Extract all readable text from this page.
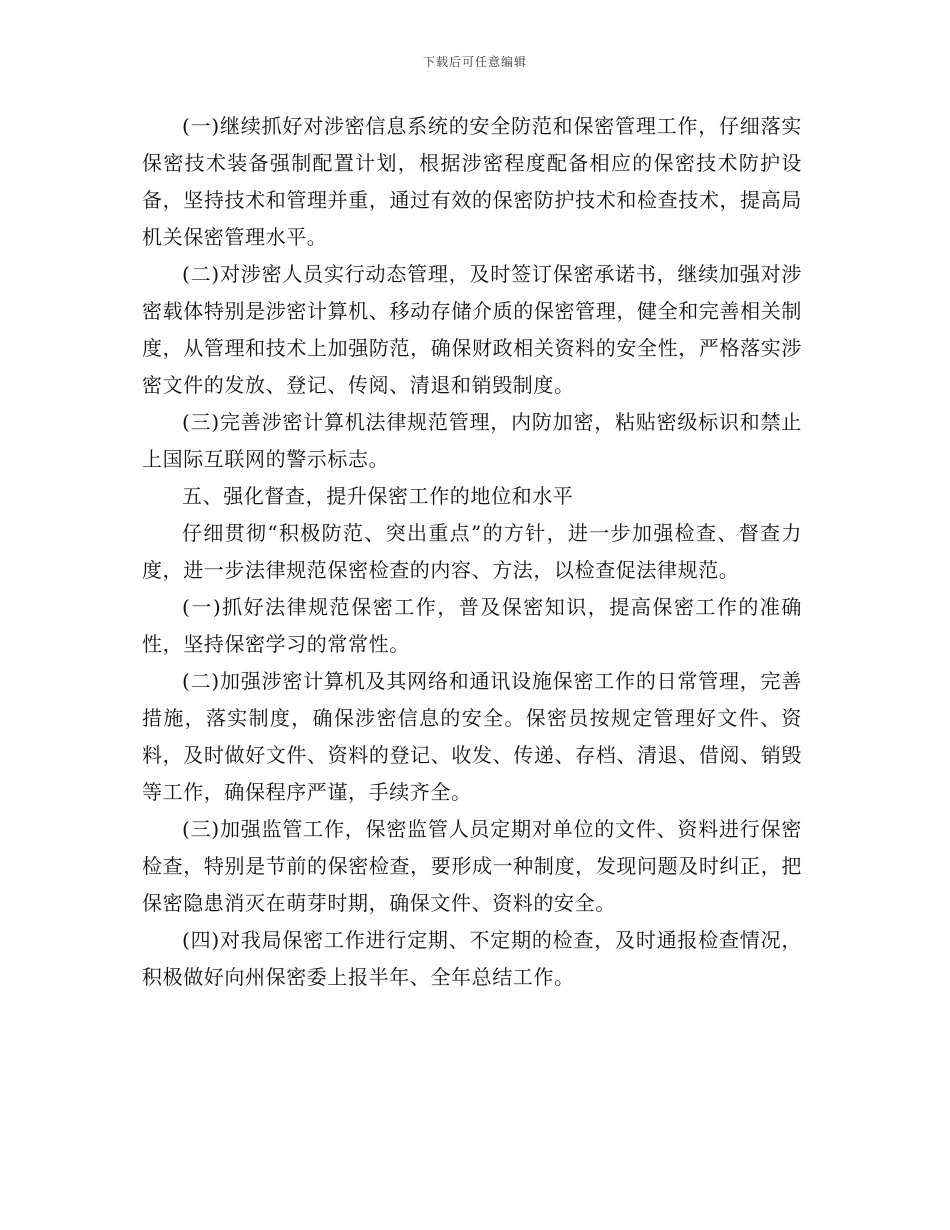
下载后可任意编辑

(一)继续抓好对涉密信息系统的安全防范和保密管理工作，仔细落实保密技术装备强制配置计划，根据涉密程度配备相应的保密技术防护设备，坚持技术和管理并重，通过有效的保密防护技术和检查技术，提高局机关保密管理水平。

(二)对涉密人员实行动态管理，及时签订保密承诺书，继续加强对涉密载体特别是涉密计算机、移动存储介质的保密管理，健全和完善相关制度，从管理和技术上加强防范，确保财政相关资料的安全性，严格落实涉密文件的发放、登记、传阅、清退和销毁制度。

(三)完善涉密计算机法律规范管理，内防加密，粘贴密级标识和禁止上国际互联网的警示标志。

五、强化督查，提升保密工作的地位和水平

仔细贯彻“积极防范、突出重点”的方针，进一步加强检查、督查力度，进一步法律规范保密检查的内容、方法，以检查促法律规范。

(一)抓好法律规范保密工作，普及保密知识，提高保密工作的准确性，坚持保密学习的常常性。

(二)加强涉密计算机及其网络和通讯设施保密工作的日常管理，完善措施，落实制度，确保涉密信息的安全。保密员按规定管理好文件、资料，及时做好文件、资料的登记、收发、传递、存档、清退、借阅、销毁等工作，确保程序严谨，手续齐全。

(三)加强监管工作，保密监管人员定期对单位的文件、资料进行保密检查，特别是节前的保密检查，要形成一种制度，发现问题及时纠正，把保密隐患消灭在萌芽时期，确保文件、资料的安全。

(四)对我局保密工作进行定期、不定期的检查，及时通报检查情况，积极做好向州保密委上报半年、全年总结工作。
